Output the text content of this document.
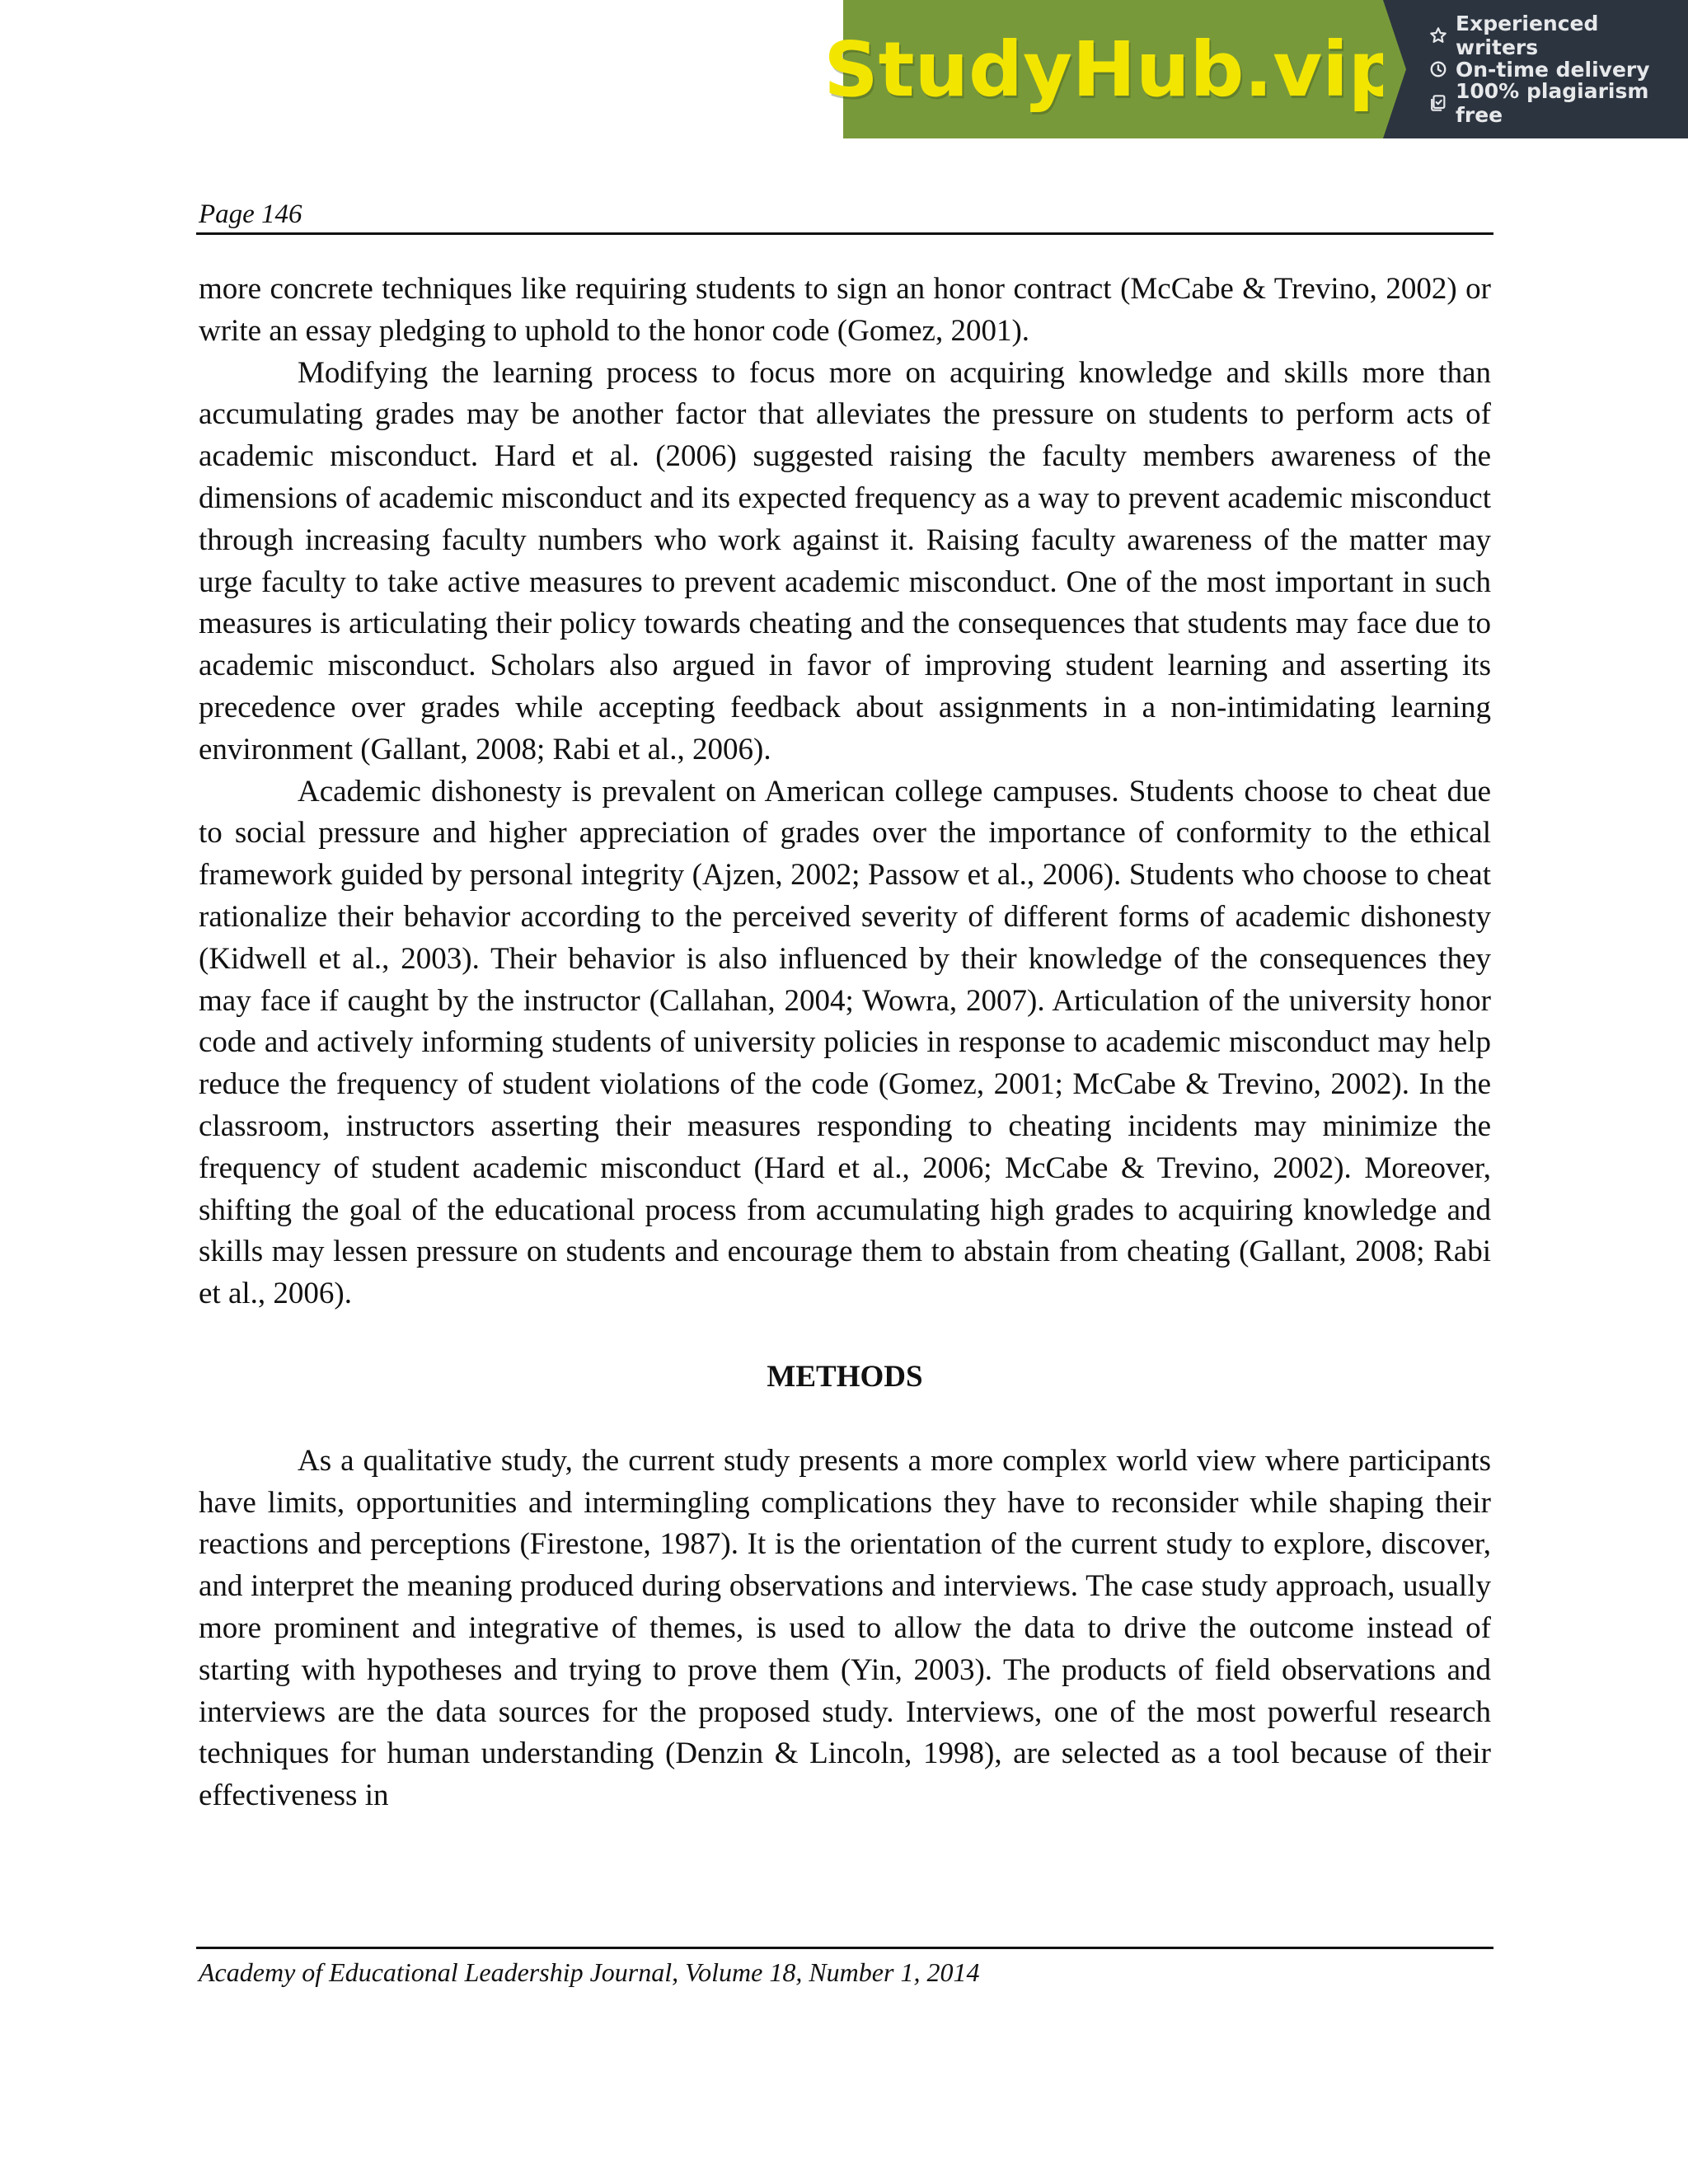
StudyHub.vip
Experienced writers
On-time delivery
100% plagiarism free
Page 146

more concrete techniques like requiring students to sign an honor contract (McCabe & Trevino, 2002) or write an essay pledging to uphold to the honor code (Gomez, 2001).

Modifying the learning process to focus more on acquiring knowledge and skills more than accumulating grades may be another factor that alleviates the pressure on students to perform acts of academic misconduct. Hard et al. (2006) suggested raising the faculty members awareness of the dimensions of academic misconduct and its expected frequency as a way to prevent academic misconduct through increasing faculty numbers who work against it. Raising faculty awareness of the matter may urge faculty to take active measures to prevent academic misconduct. One of the most important in such measures is articulating their policy towards cheating and the consequences that students may face due to academic misconduct. Scholars also argued in favor of improving student learning and asserting its precedence over grades while accepting feedback about assignments in a non-intimidating learning environment (Gallant, 2008; Rabi et al., 2006).

Academic dishonesty is prevalent on American college campuses. Students choose to cheat due to social pressure and higher appreciation of grades over the importance of conformity to the ethical framework guided by personal integrity (Ajzen, 2002; Passow et al., 2006). Students who choose to cheat rationalize their behavior according to the perceived severity of different forms of academic dishonesty (Kidwell et al., 2003). Their behavior is also influenced by their knowledge of the consequences they may face if caught by the instructor (Callahan, 2004; Wowra, 2007). Articulation of the university honor code and actively informing students of university policies in response to academic misconduct may help reduce the frequency of student violations of the code (Gomez, 2001; McCabe & Trevino, 2002). In the classroom, instructors asserting their measures responding to cheating incidents may minimize the frequency of student academic misconduct (Hard et al., 2006; McCabe & Trevino, 2002). Moreover, shifting the goal of the educational process from accumulating high grades to acquiring knowledge and skills may lessen pressure on students and encourage them to abstain from cheating (Gallant, 2008; Rabi et al., 2006).

METHODS

As a qualitative study, the current study presents a more complex world view where participants have limits, opportunities and intermingling complications they have to reconsider while shaping their reactions and perceptions (Firestone, 1987). It is the orientation of the current study to explore, discover, and interpret the meaning produced during observations and interviews. The case study approach, usually more prominent and integrative of themes, is used to allow the data to drive the outcome instead of starting with hypotheses and trying to prove them (Yin, 2003). The products of field observations and interviews are the data sources for the proposed study. Interviews, one of the most powerful research techniques for human understanding (Denzin & Lincoln, 1998), are selected as a tool because of their effectiveness in

Academy of Educational Leadership Journal, Volume 18, Number 1, 2014
